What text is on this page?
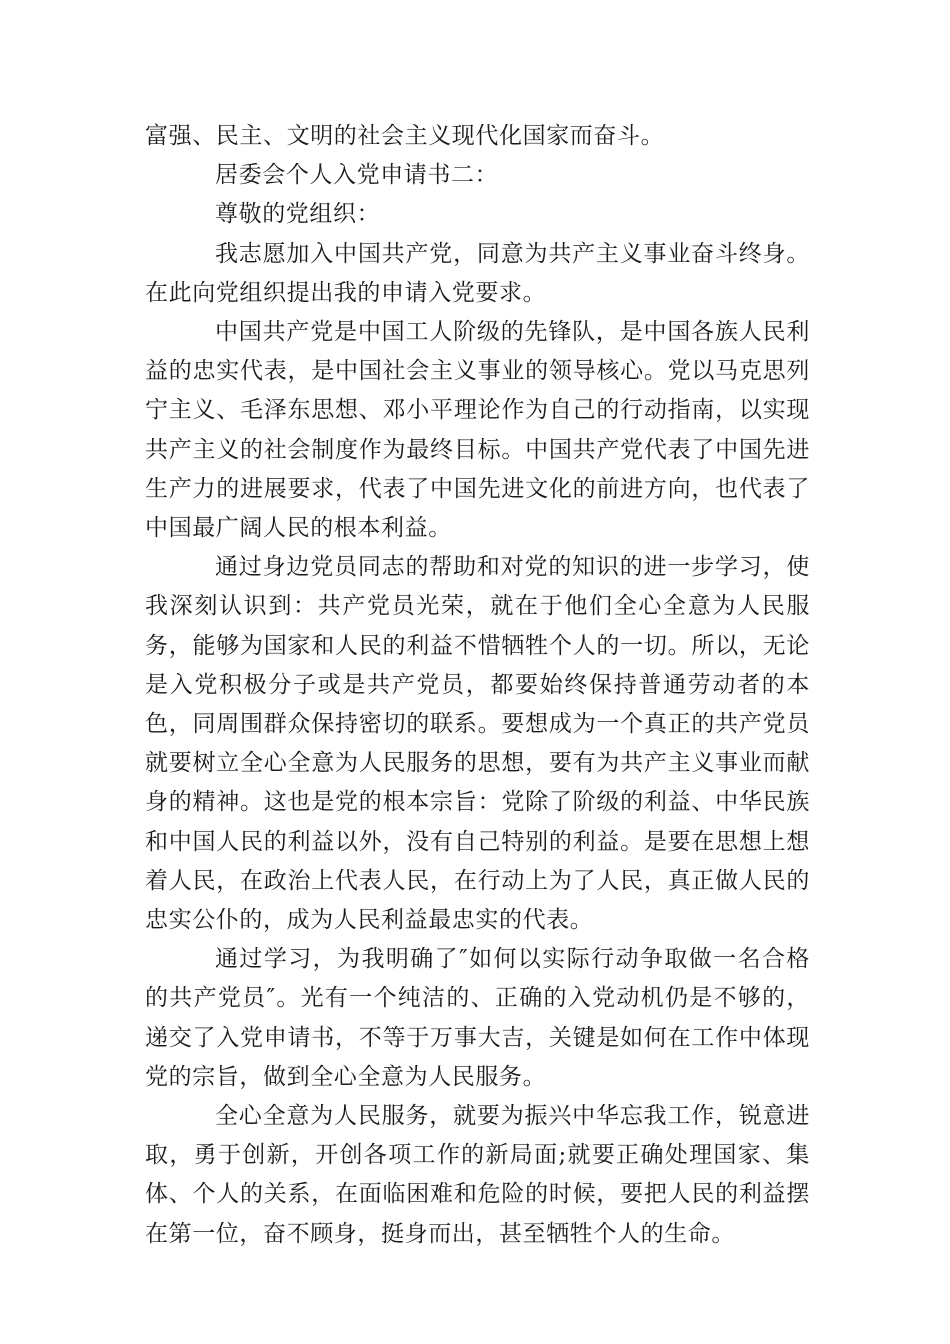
富强、民主、文明的社会主义现代化国家而奋斗。

居委会个人入党申请书二：

尊敬的党组织：

我志愿加入中国共产党，同意为共产主义事业奋斗终身。在此向党组织提出我的申请入党要求。

中国共产党是中国工人阶级的先锋队，是中国各族人民利益的忠实代表，是中国社会主义事业的领导核心。党以马克思列宁主义、毛泽东思想、邓小平理论作为自己的行动指南，以实现共产主义的社会制度作为最终目标。中国共产党代表了中国先进生产力的进展要求，代表了中国先进文化的前进方向，也代表了中国最广阔人民的根本利益。

通过身边党员同志的帮助和对党的知识的进一步学习，使我深刻认识到：共产党员光荣，就在于他们全心全意为人民服务，能够为国家和人民的利益不惜牺牲个人的一切。所以，无论是入党积极分子或是共产党员，都要始终保持普通劳动者的本色，同周围群众保持密切的联系。要想成为一个真正的共产党员就要树立全心全意为人民服务的思想，要有为共产主义事业而献身的精神。这也是党的根本宗旨：党除了阶级的利益、中华民族和中国人民的利益以外，没有自己特别的利益。是要在思想上想着人民，在政治上代表人民，在行动上为了人民，真正做人民的忠实公仆的，成为人民利益最忠实的代表。

通过学习，为我明确了″如何以实际行动争取做一名合格的共产党员″。光有一个纯洁的、正确的入党动机仍是不够的，递交了入党申请书，不等于万事大吉，关键是如何在工作中体现党的宗旨，做到全心全意为人民服务。

全心全意为人民服务，就要为振兴中华忘我工作，锐意进取，勇于创新，开创各项工作的新局面;就要正确处理国家、集体、个人的关系，在面临困难和危险的时候，要把人民的利益摆在第一位，奋不顾身，挺身而出，甚至牺牲个人的生命。
